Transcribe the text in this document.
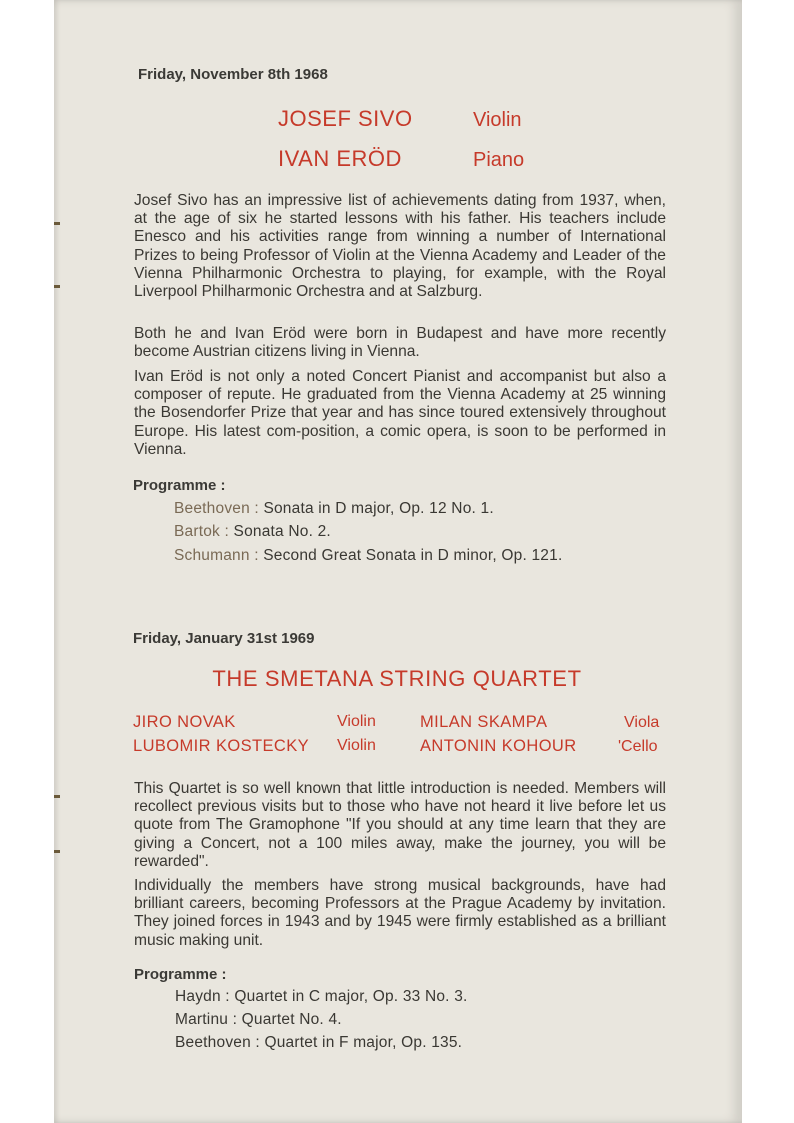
Friday, November 8th 1968
JOSEF SIVO	Violin
IVAN ERÖD	Piano

Josef Sivo has an impressive list of achievements dating from 1937, when, at the age of six he started lessons with his father. His teachers include Enesco and his activities range from winning a number of International Prizes to being Professor of Violin at the Vienna Academy and Leader of the Vienna Philharmonic Orchestra to playing, for example, with the Royal Liverpool Philharmonic Orchestra and at Salzburg.

Both he and Ivan Eröd were born in Budapest and have more recently become Austrian citizens living in Vienna.

Ivan Eröd is not only a noted Concert Pianist and accompanist but also a composer of repute. He graduated from the Vienna Academy at 25 winning the Bosendorfer Prize that year and has since toured extensively throughout Europe. His latest com-position, a comic opera, is soon to be performed in Vienna.

Programme :
Beethoven : Sonata in D major, Op. 12 No. 1.
Bartok : Sonata No. 2.
Schumann : Second Great Sonata in D minor, Op. 121.
Friday, January 31st 1969
THE SMETANA STRING QUARTET
JIRO NOVAK	Violin	MILAN SKAMPA	Viola
LUBOMIR KOSTECKY Violin	ANTONIN KOHOUR	'Cello

This Quartet is so well known that little introduction is needed. Members will recollect previous visits but to those who have not heard it live before let us quote from The Gramophone "If you should at any time learn that they are giving a Concert, not a 100 miles away, make the journey, you will be rewarded".

Individually the members have strong musical backgrounds, have had brilliant careers, becoming Professors at the Prague Academy by invitation. They joined forces in 1943 and by 1945 were firmly established as a brilliant music making unit.

Programme :
Haydn : Quartet in C major, Op. 33 No. 3.
Martinu : Quartet No. 4.
Beethoven : Quartet in F major, Op. 135.
